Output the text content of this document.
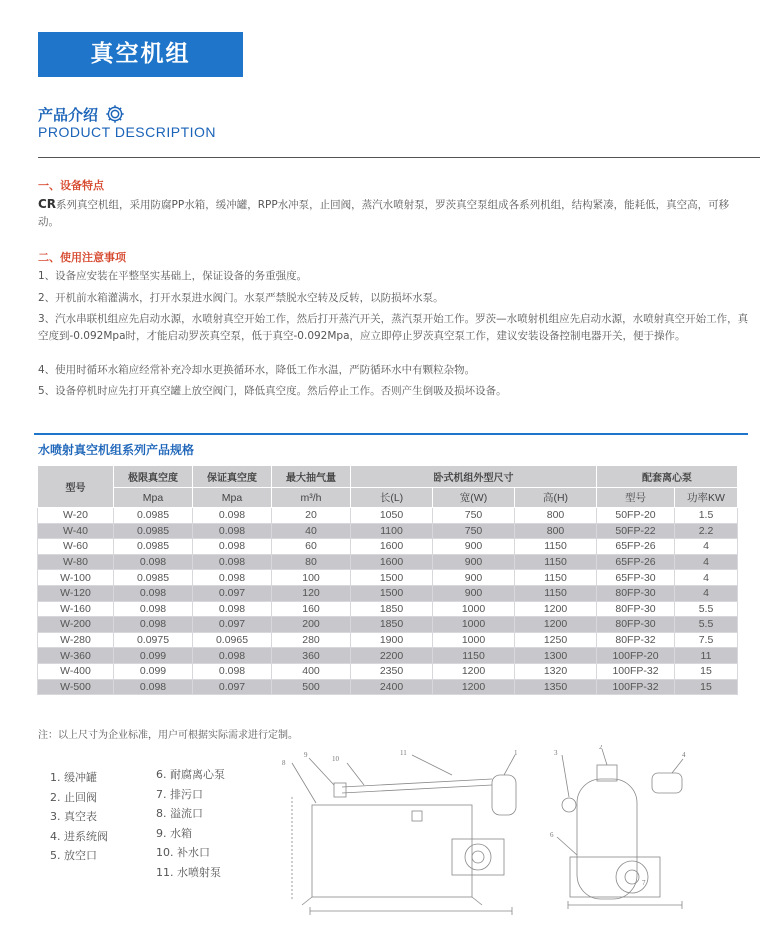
真空机组
产品介绍
PRODUCT DESCRIPTION
一、设备特点
CR系列真空机组，采用防腐PP水箱，缓冲罐，RPP水冲泵，止回阀，蒸汽水喷射泵，罗茨真空泵组成各系列机组，结构紧凑，能耗低，真空高，可移动。
二、使用注意事项
1、设备应安装在平整坚实基础上，保证设备的务重强度。
2、开机前水箱灌满水，打开水泵进水阀门。水泵严禁脱水空转及反转，以防损坏水泵。
3、汽水串联机组应先启动水源，水喷射真空开始工作，然后打开蒸汽开关，蒸汽泵开始工作。罗茨—水喷射机组应先启动水源，水喷射真空开始工作，真空度到-0.092Mpa时，才能启动罗茨真空泵，低于真空-0.092Mpa，应立即停止罗茨真空泵工作，建议安装设备控制电器开关，便于操作。
4、使用时循环水箱应经常补充冷却水更换循环水，降低工作水温，严防循环水中有颗粒杂物。
5、设备停机时应先打开真空罐上放空阀门，降低真空度。然后停止工作。否则产生倒吸及损坏设备。
水喷射真空机组系列产品规格
型号	极限真空度	保证真空度	最大抽气量	卧式机组外型尺寸			配套离心泵	
	Mpa	Mpa	m³/h	长(L)	宽(W)	高(H)	型号	功率KW
W-20	0.0985	0.098	20	1050	750	800	50FP-20	1.5
W-40	0.0985	0.098	40	1100	750	800	50FP-22	2.2
W-60	0.0985	0.098	60	1600	900	1150	65FP-26	4
W-80	0.098	0.098	80	1600	900	1150	65FP-26	4
W-100	0.0985	0.098	100	1500	900	1150	65FP-30	4
W-120	0.098	0.097	120	1500	900	1150	80FP-30	4
W-160	0.098	0.098	160	1850	1000	1200	80FP-30	5.5
W-200	0.098	0.097	200	1850	1000	1200	80FP-30	5.5
W-280	0.0975	0.0965	280	1900	1000	1250	80FP-32	7.5
W-360	0.099	0.098	360	2200	1150	1300	100FP-20	11
W-400	0.099	0.098	400	2350	1200	1320	100FP-32	15
W-500	0.098	0.097	500	2400	1200	1350	100FP-32	15
注：以上尺寸为企业标准，用户可根据实际需求进行定制。
1. 缓冲罐
2. 止回阀
3. 真空表
4. 进系统阀
5. 放空口
6. 耐腐离心泵
7. 排污口
8. 溢流口
9. 水箱
10. 补水口
11. 水喷射泵
11	1
8	10
9
6
7
2
4
3
